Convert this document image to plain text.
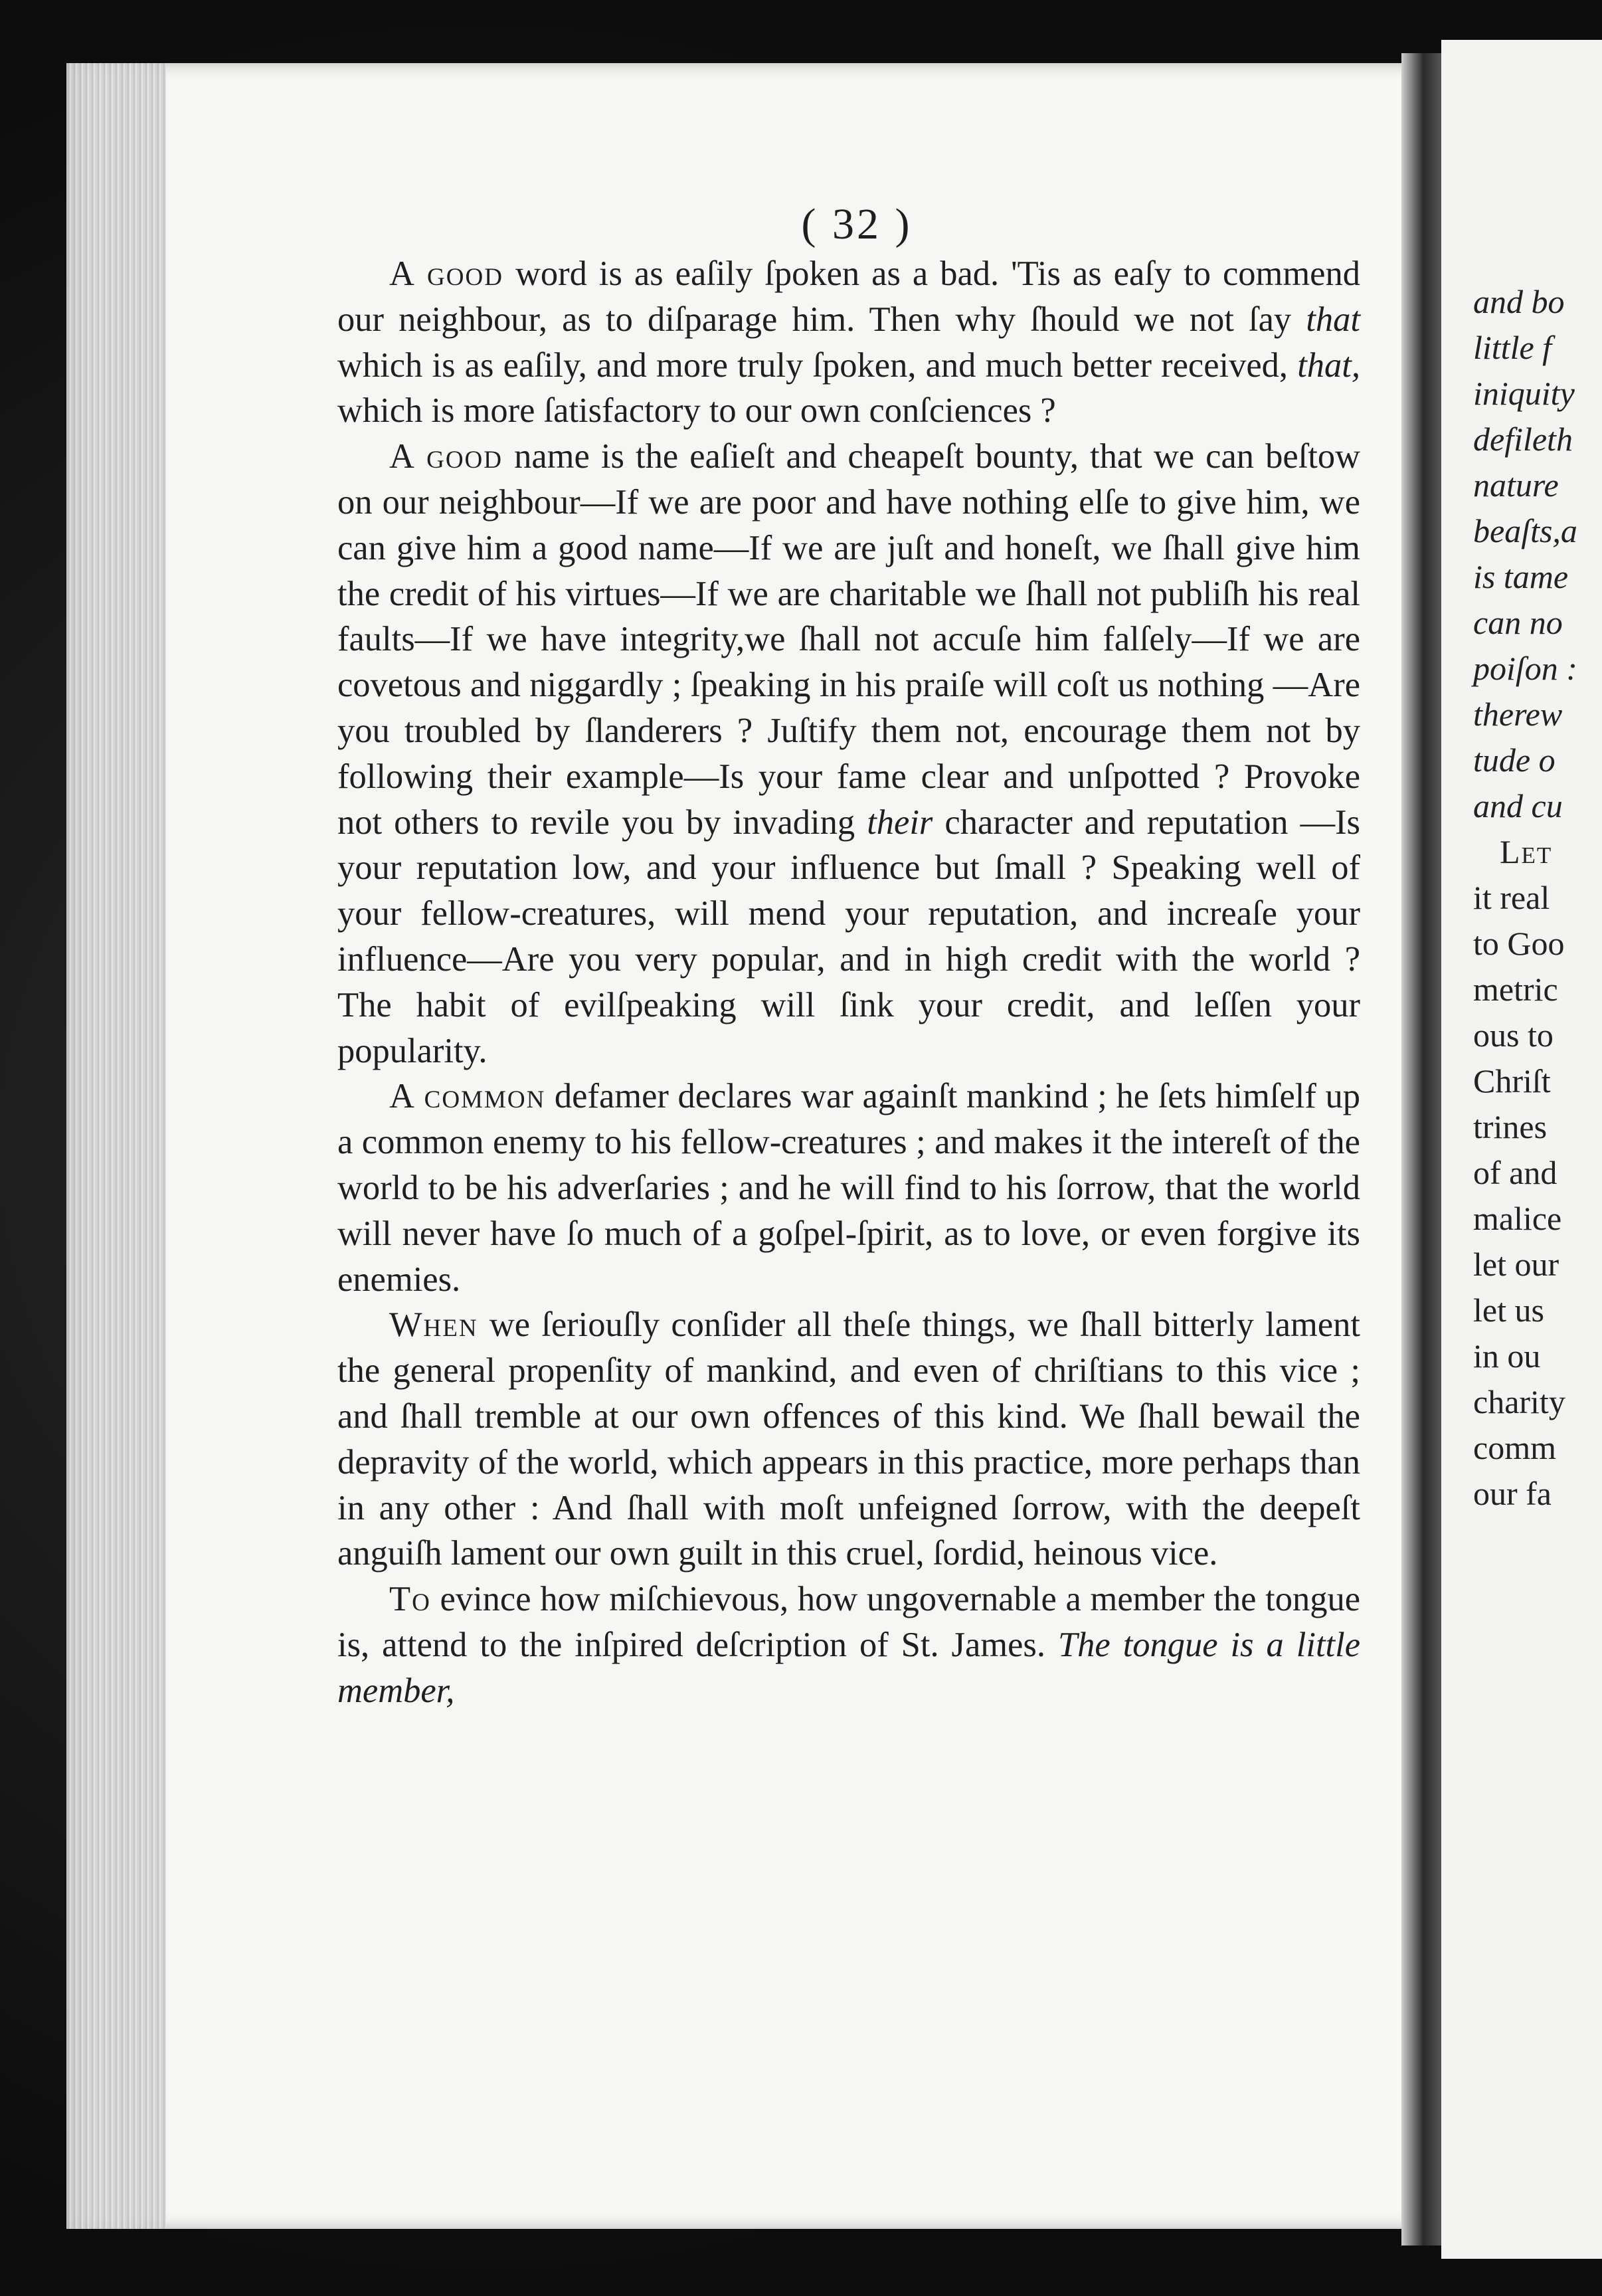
and bo
little f
iniquity
defileth
nature
beaſts,a
is tame
can no
poiſon :
therew
tude o
and cu
Let
it real
to Goo
metric
ous to
Chriſt
trines
of and
malice
let our
let us
in ou
charity
comm
our fa
( 32 )

A good word is as eaſily ſpoken as a bad. 'Tis as eaſy to commend our neighbour, as to diſparage him. Then why ſhould we not ſay that which is as eaſily, and more truly ſpoken, and much better received, that, which is more ſatisfactory to our own conſciences ?

A good name is the eaſieſt and cheapeſt bounty, that we can beſtow on our neighbour—If we are poor and have nothing elſe to give him, we can give him a good name—If we are juſt and honeſt, we ſhall give him the credit of his virtues—If we are charitable we ſhall not publiſh his real faults—If we have integrity,we ſhall not accuſe him falſely—If we are covetous and niggardly ; ſpeaking in his praiſe will coſt us nothing —Are you troubled by ſlanderers ? Juſtify them not, encourage them not by following their example—Is your fame clear and unſpotted ? Provoke not others to revile you by invading their character and reputation —Is your reputation low, and your influence but ſmall ? Speaking well of your fellow-creatures, will mend your reputation, and increaſe your influence—Are you very popular, and in high credit with the world ? The habit of evilſpeaking will ſink your credit, and leſſen your popularity.

A common defamer declares war againſt mankind ; he ſets himſelf up a common enemy to his fellow-creatures ; and makes it the intereſt of the world to be his adverſaries ; and he will find to his ſorrow, that the world will never have ſo much of a goſpel-ſpirit, as to love, or even forgive its enemies.

When we ſeriouſly conſider all theſe things, we ſhall bitterly lament the general propenſity of mankind, and even of chriſtians to this vice ; and ſhall tremble at our own offences of this kind. We ſhall bewail the depravity of the world, which appears in this practice, more perhaps than in any other : And ſhall with moſt unfeigned ſorrow, with the deepeſt anguiſh lament our own guilt in this cruel, ſordid, heinous vice.

To evince how miſchievous, how ungovernable a member the tongue is, attend to the inſpired deſcription of St. James. The tongue is a little member,
